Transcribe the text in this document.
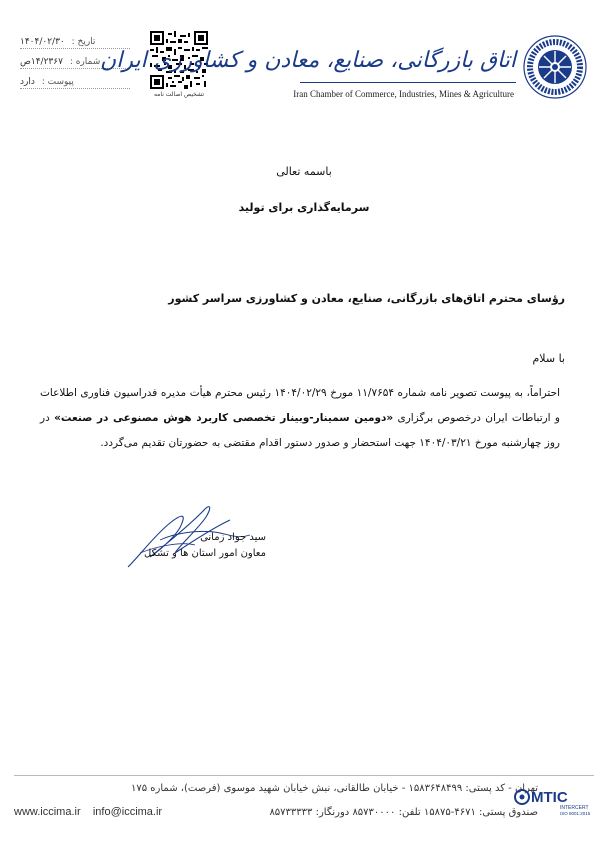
تاریخ : ۱۴۰۴/۰۲/۳۰
شماره : ۱۴/۲۳۶۷ص
پیوست : دارد
تشخیص اصالت نامه
اتاق بازرگانی، صنایع، معادن و کشاورزی ایران
Iran Chamber of Commerce, Industries, Mines & Agriculture
باسمه تعالی
سرمایه‌گذاری برای تولید
رؤسای محترم اتاق‌های بازرگانی، صنایع، معادن و کشاورزی سراسر کشور
با سلام
احتراماً، به پیوست تصویر نامه شماره ۱۱/۷۶۵۴ مورخ ۱۴۰۴/۰۲/۲۹ رئیس محترم هیأت مدیره فدراسیون فناوری اطلاعات و ارتباطات ایران درخصوص برگزاری «دومین سمینار-وبینار تخصصی کاربرد هوش مصنوعی در صنعت» در روز چهارشنبه مورخ ۱۴۰۴/۰۳/۲۱ جهت استحضار و صدور دستور اقدام مقتضی به حضورتان تقدیم می‌گردد.
سید جواد زمانی
معاون امور استان ها و تشکل
تهران - کد پستی: ۱۵۸۳۶۴۸۴۹۹ - خیابان طالقانی، نبش خیابان شهید موسوی (فرصت)، شماره ۱۷۵
صندوق پستی: ۴۶۷۱-۱۵۸۷۵ تلفن: ۸۵۷۳۰۰۰۰ دورنگار: ۸۵۷۳۳۳۳۳
www.iccima.ir info@iccima.ir
MTIC
INTERCERT
ISO 9001:2015
